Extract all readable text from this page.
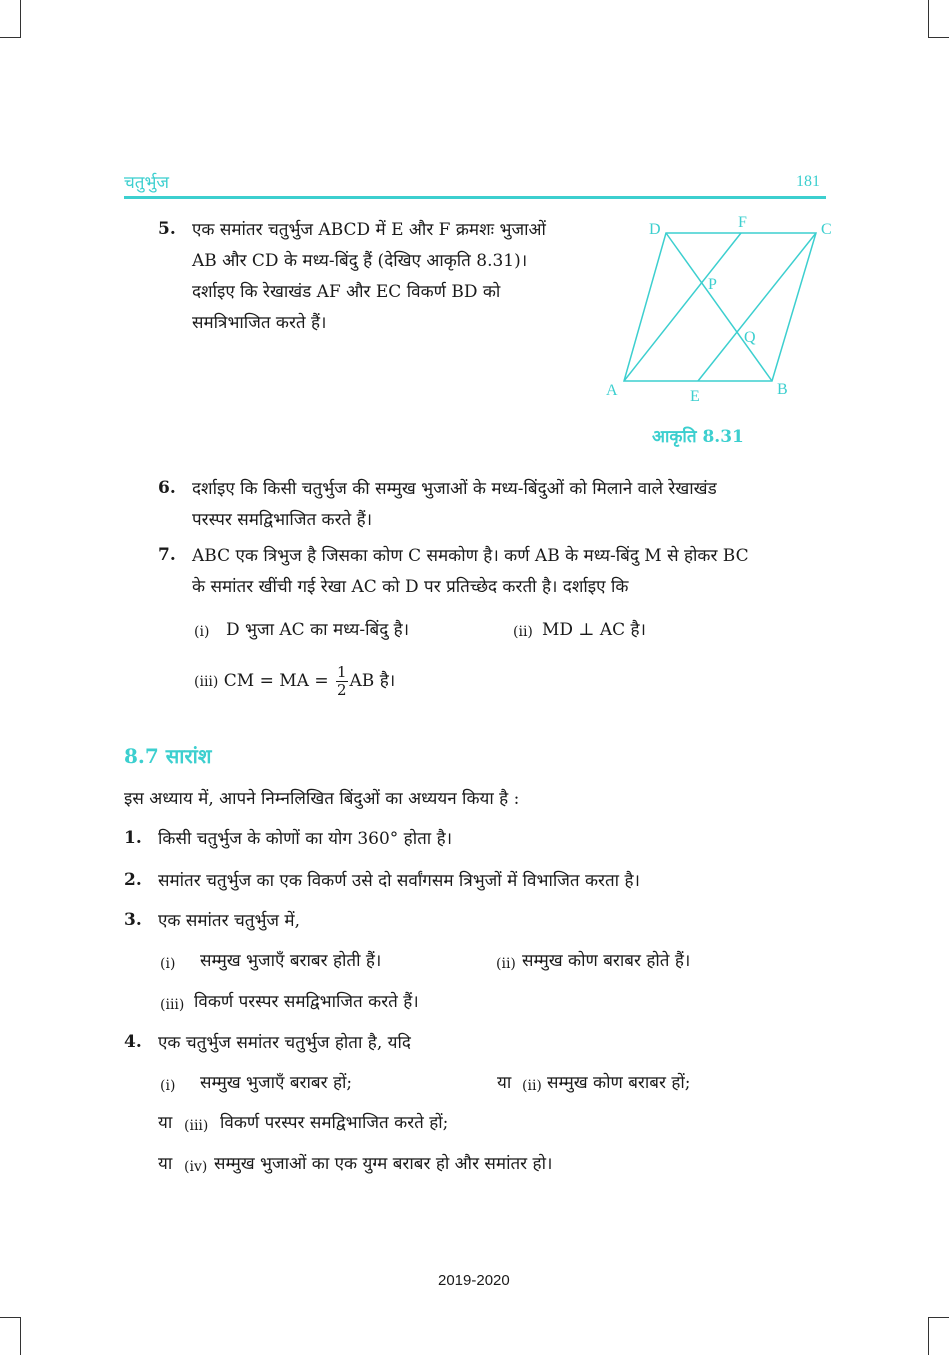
चतुर्भुज	181
5. एक समांतर चतुर्भुज ABCD में E और F क्रमशः भुजाओं
AB और CD के मध्य-बिंदु हैं (देखिए आकृति 8.31)।
दर्शाइए कि रेखाखंड AF और EC विकर्ण BD को
समत्रिभाजित करते हैं।
D	F	C
P
Q
A	E	B
आकृति 8.31
6. दर्शाइए कि किसी चतुर्भुज की सम्मुख भुजाओं के मध्य-बिंदुओं को मिलाने वाले रेखाखंड
परस्पर समद्विभाजित करते हैं।
7. ABC एक त्रिभुज है जिसका कोण C समकोण है। कर्ण AB के मध्य-बिंदु M से होकर BC
के समांतर खींची गई रेखा AC को D पर प्रतिच्छेद करती है। दर्शाइए कि
(i) D भुजा AC का मध्य-बिंदु है।	(ii) MD ⊥ AC है।
(iii) CM = MA = $\frac{1}{2}$ AB है।
8.7 सारांश
इस अध्याय में, आपने निम्नलिखित बिंदुओं का अध्ययन किया है :
1. किसी चतुर्भुज के कोणों का योग 360° होता है।
2. समांतर चतुर्भुज का एक विकर्ण उसे दो सर्वांगसम त्रिभुजों में विभाजित करता है।
3. एक समांतर चतुर्भुज में,
(i) सम्मुख भुजाएँ बराबर होती हैं।	(ii) सम्मुख कोण बराबर होते हैं।
(iii) विकर्ण परस्पर समद्विभाजित करते हैं।
4. एक चतुर्भुज समांतर चतुर्भुज होता है, यदि
(i) सम्मुख भुजाएँ बराबर हों;	या (ii) सम्मुख कोण बराबर हों;
या (iii) विकर्ण परस्पर समद्विभाजित करते हों;
या (iv) सम्मुख भुजाओं का एक युग्म बराबर हो और समांतर हो।
2019-2020
